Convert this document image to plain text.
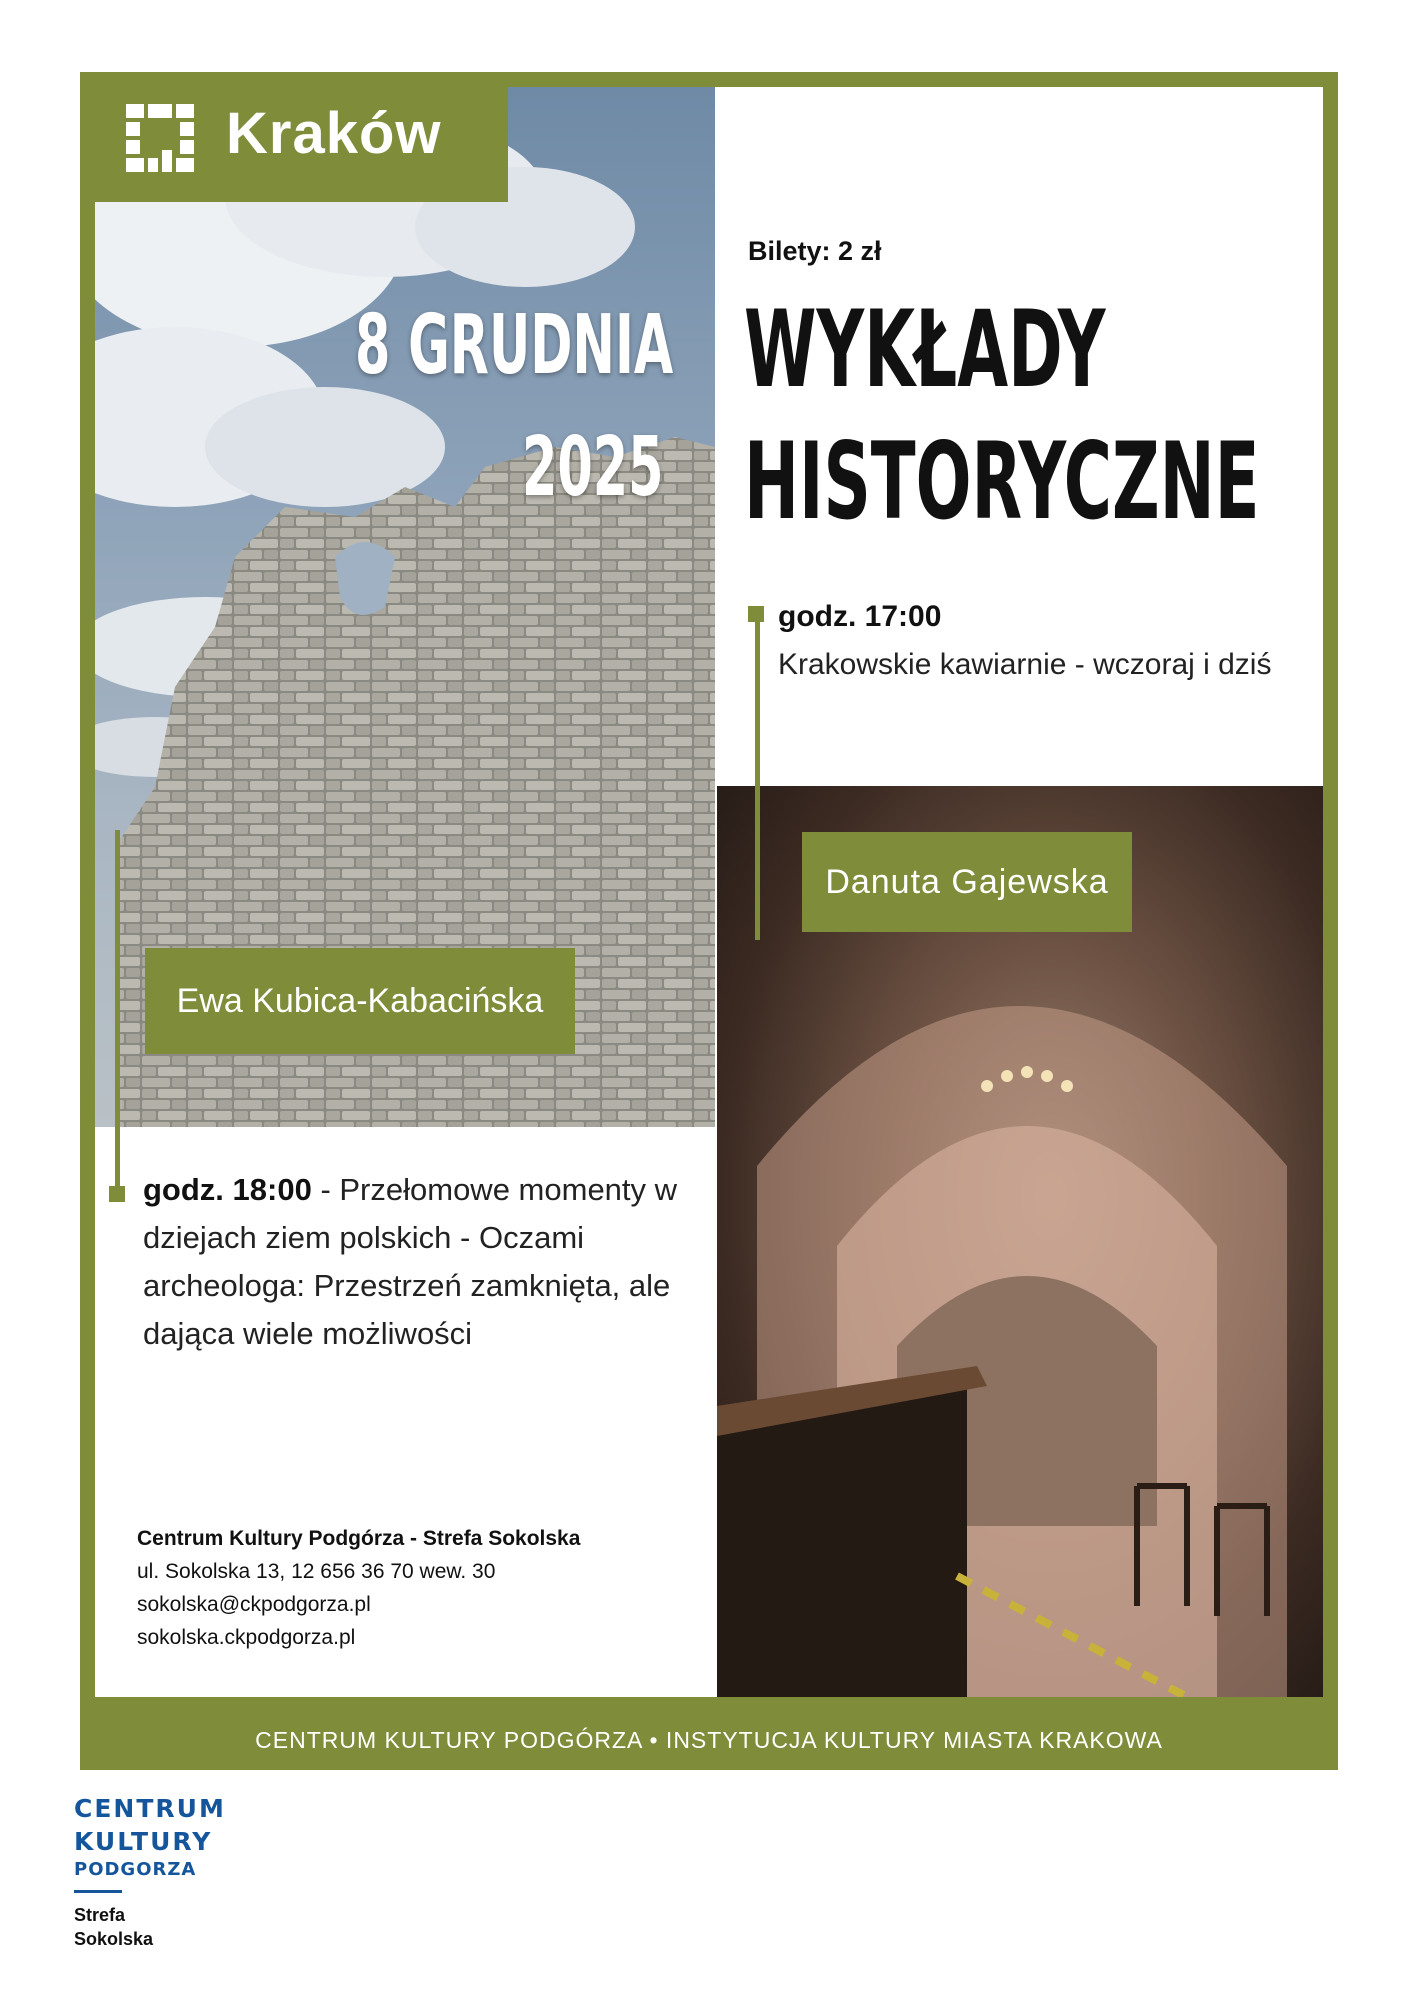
Kraków
8 GRUDNIA
2025
Bilety: 2 zł
WYKŁADY
HISTORYCZNE
godz. 17:00
Krakowskie kawiarnie - wczoraj i dziś
Danuta Gajewska
Ewa Kubica-Kabacińska
godz. 18:00 - Przełomowe momenty w dziejach ziem polskich - Oczami archeologa: Przestrzeń zamknięta, ale dająca wiele możliwości
Centrum Kultury Podgórza - Strefa Sokolska
ul. Sokolska 13, 12 656 36 70 wew. 30
sokolska@ckpodgorza.pl
sokolska.ckpodgorza.pl
CENTRUM KULTURY PODGÓRZA • INSTYTUCJA KULTURY MIASTA KRAKOWA
CENTRUM
KULTURY
PODGORZA
Strefa
Sokolska
